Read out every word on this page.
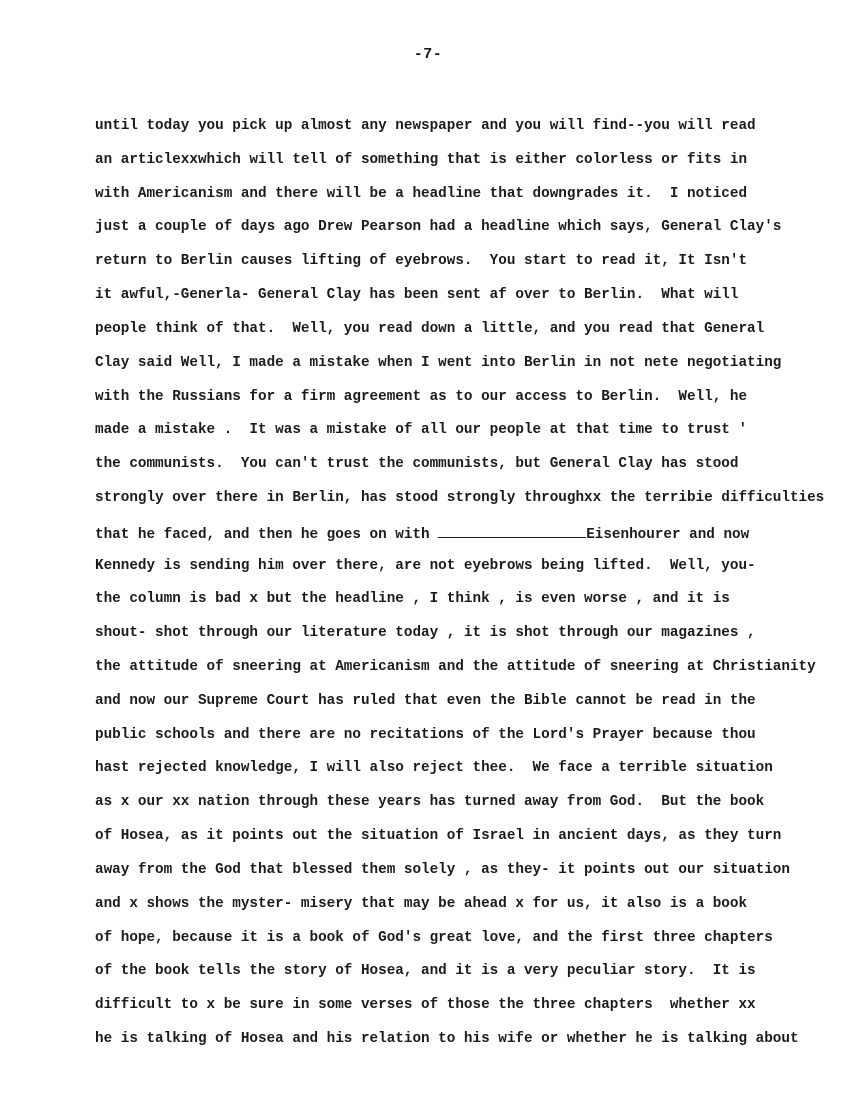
-7-
until today you pick up almost any newspaper and you will find--you will read
an articlexxwhich will tell of something that is either colorless or fits in
with Americanism and there will be a headline that downgrades it.  I noticed
just a couple of days ago Drew Pearson had a headline which says, General Clay's
return to Berlin causes lifting of eyebrows.  You start to read it, It Isn't
it awful,-Generla- General Clay has been sent af over to Berlin.  What will
people think of that.  Well, you read down a little, and you read that General
Clay said Well, I made a mistake when I went into Berlin in not nete negotiating
with the Russians for a firm agreement as to our access to Berlin.  Well, he
made a mistake .  It was a mistake of all our people at that time to trust '
the communists.  You can't trust the communists, but General Clay has stood
strongly over there in Berlin, has stood strongly throughxx the terribie difficulties
that he faced, and then he goes on with	Eisenhourer and now
Kennedy is sending him over there, are not eyebrows being lifted.  Well, you-
the column is bad x but the headline , I think , is even worse , and it is
shout- shot through our literature today , it is shot through our magazines ,
the attitude of sneering at Americanism and the attitude of sneering at Christianity
and now our Supreme Court has ruled that even the Bible cannot be read in the
public schools and there are no recitations of the Lord's Prayer because thou
hast rejected knowledge, I will also reject thee.  We face a terrible situation
as x our xx nation through these years has turned away from God.  But the book
of Hosea, as it points out the situation of Israel in ancient days, as they turn
away from the God that blessed them solely , as they- it points out our situation
and x shows the myster- misery that may be ahead x for us, it also is a book
of hope, because it is a book of God's great love, and the first three chapters
of the book tells the story of Hosea, and it is a very peculiar story.  It is
difficult to x be sure in some verses of those the three chapters  whether xx
he is talking of Hosea and his relation to his wife or whether he is talking about
